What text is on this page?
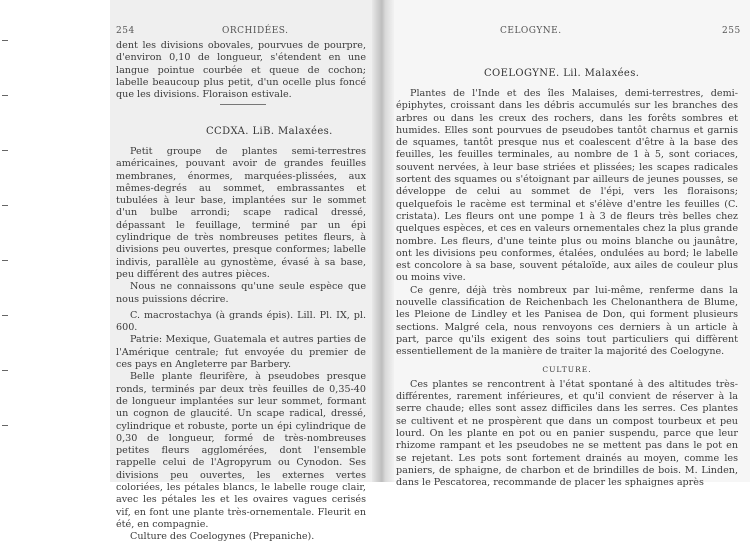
254	ORCHIDÉES.

dent les divisions obovales, pourvues de pourpre, d'environ 0,10 de longueur, s'étendent en une langue pointue courbée et queue de cochon; labelle beaucoup plus petit, d'un ocelle plus foncé que les divisions. Floraison estivale.

CCDXA. LiB. Malaxées.

Petit groupe de plantes semi-terrestres américaines, pouvant avoir de grandes feuilles membranes, énormes, marquées-plissées, aux mêmes-degrés au sommet, embrassantes et tubulées à leur base, implantées sur le sommet d'un bulbe arrondi; scape radical dressé, dépassant le feuillage, terminé par un épi cylindrique de très nombreuses petites fleurs, à divisions peu ouvertes, presque conformes; labelle indivis, parallèle au gynostème, évasé à sa base, peu différent des autres pièces.

Nous ne connaissons qu'une seule espèce que nous puissions décrire.

C. macrostachya (à grands épis). Lill. Pl. IX, pl. 600.

Patrie: Mexique, Guatemala et autres parties de l'Amérique centrale; fut envoyée du premier de ces pays en Angleterre par Barbery.

Belle plante fleurifère, à pseudobes presque ronds, terminés par deux très feuilles de 0,35-40 de longueur implantées sur leur sommet, formant un cognon de glaucité. Un scape radical, dressé, cylindrique et robuste, porte un épi cylindrique de 0,30 de longueur, formé de très-nombreuses petites fleurs agglomérées, dont l'ensemble rappelle celui de l'Agropyrum ou Cynodon. Ses divisions peu ouvertes, les externes vertes coloriées, les pétales blancs, le labelle rouge clair, avec les pétales les et les ovaires vagues cerisés vif, en font une plante très-ornementale. Fleurit en été, en compagnie.

Culture des Coelogynes (Prepaniche).

CELOGYNE.	255
COELOGYNE. Lil. Malaxées.

Plantes de l'Inde et des îles Malaises, demi-terrestres, demi-épiphytes, croissant dans les débris accumulés sur les branches des arbres ou dans les creux des rochers, dans les forêts sombres et humides. Elles sont pourvues de pseudobes tantôt charnus et garnis de squames, tantôt presque nus et coalescent d'être à la base des feuilles, les feuilles terminales, au nombre de 1 à 5, sont coriaces, souvent nervées, à leur base striées et plissées; les scapes radicales sortent des squames ou s'étoignant par ailleurs de jeunes pousses, se développe de celui au sommet de l'épi, vers les floraisons; quelquefois le racème est terminal et s'élève d'entre les feuilles (C. cristata). Les fleurs ont une pompe 1 à 3 de fleurs très belles chez quelques espèces, et ces en valeurs ornementales chez la plus grande nombre. Les fleurs, d'une teinte plus ou moins blanche ou jaunâtre, ont les divisions peu conformes, étalées, ondulées au bord; le labelle est concolore à sa base, souvent pétaloïde, aux ailes de couleur plus ou moins vive.

Ce genre, déjà très nombreux par lui-même, renferme dans la nouvelle classification de Reichenbach les Chelonanthera de Blume, les Pleione de Lindley et les Panisea de Don, qui forment plusieurs sections. Malgré cela, nous renvoyons ces derniers à un article à part, parce qu'ils exigent des soins tout particuliers qui diffèrent essentiellement de la manière de traiter la majorité des Coelogyne.

CULTURE.

Ces plantes se rencontrent à l'état spontané à des altitudes très-différentes, rarement inférieures, et qu'il convient de réserver à la serre chaude; elles sont assez difficiles dans les serres. Ces plantes se cultivent et ne prospèrent que dans un compost tourbeux et peu lourd. On les plante en pot ou en panier suspendu, parce que leur rhizome rampant et les pseudobes ne se mettent pas dans le pot en se rejetant. Les pots sont fortement drainés au moyen, comme les paniers, de sphaigne, de charbon et de brindilles de bois. M. Linden, dans le Pescatorea, recommande de placer les sphaignes après
